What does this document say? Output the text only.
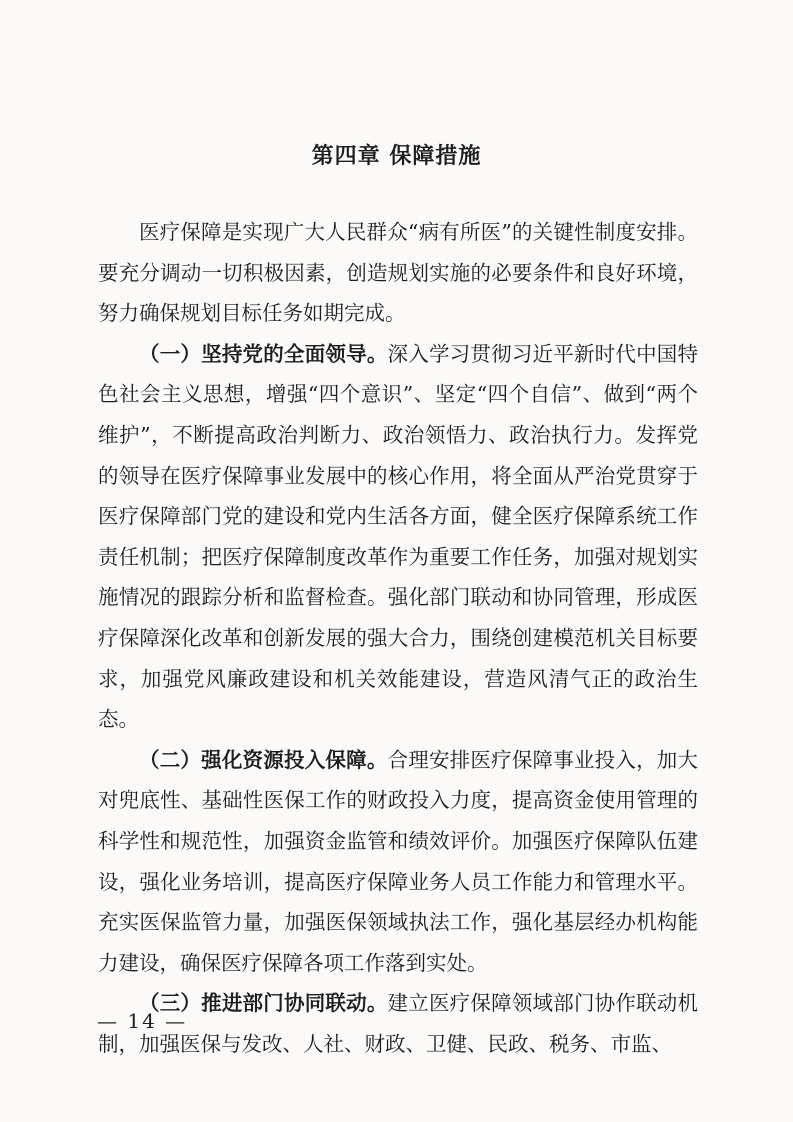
第四章 保障措施

医疗保障是实现广大人民群众“病有所医”的关键性制度安排。要充分调动一切积极因素，创造规划实施的必要条件和良好环境，努力确保规划目标任务如期完成。

（一）坚持党的全面领导。深入学习贯彻习近平新时代中国特色社会主义思想，增强“四个意识”、坚定“四个自信”、做到“两个维护”，不断提高政治判断力、政治领悟力、政治执行力。发挥党的领导在医疗保障事业发展中的核心作用，将全面从严治党贯穿于医疗保障部门党的建设和党内生活各方面，健全医疗保障系统工作责任机制；把医疗保障制度改革作为重要工作任务，加强对规划实施情况的跟踪分析和监督检查。强化部门联动和协同管理，形成医疗保障深化改革和创新发展的强大合力，围绕创建模范机关目标要求，加强党风廉政建设和机关效能建设，营造风清气正的政治生态。

（二）强化资源投入保障。合理安排医疗保障事业投入，加大对兜底性、基础性医保工作的财政投入力度，提高资金使用管理的科学性和规范性，加强资金监管和绩效评价。加强医疗保障队伍建设，强化业务培训，提高医疗保障业务人员工作能力和管理水平。充实医保监管力量，加强医保领域执法工作，强化基层经办机构能力建设，确保医疗保障各项工作落到实处。

（三）推进部门协同联动。建立医疗保障领域部门协作联动机制，加强医保与发改、人社、财政、卫健、民政、税务、市监、

— 14 —
